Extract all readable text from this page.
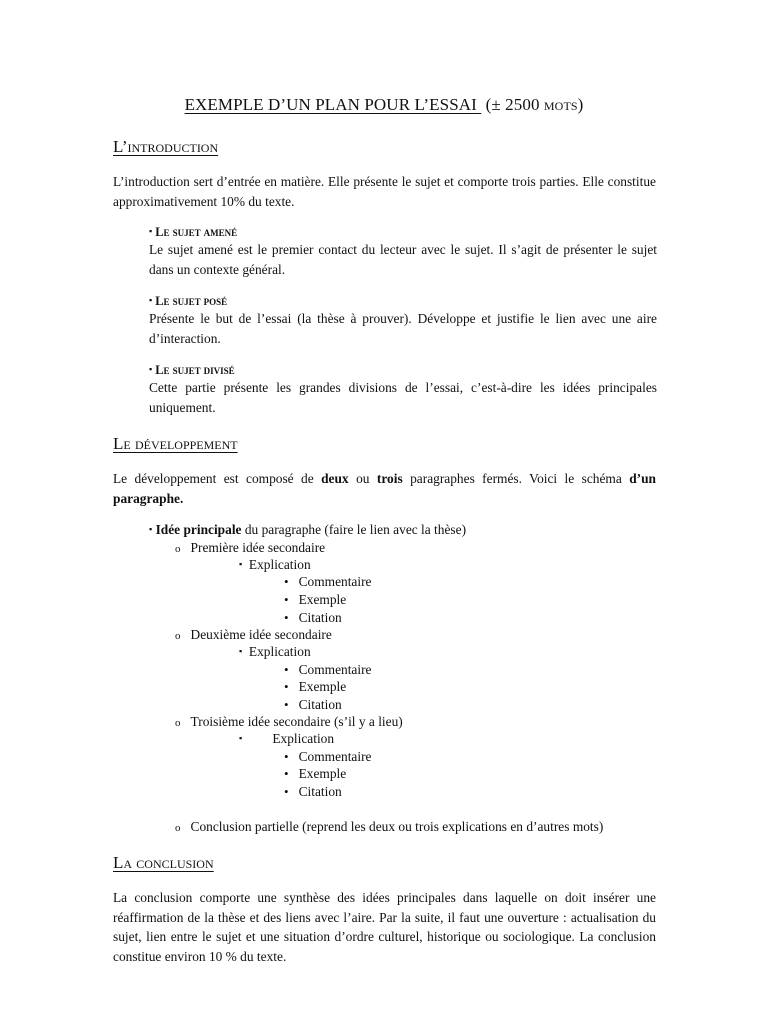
EXEMPLE D’UN PLAN POUR L’ESSAI (± 2500 mots)
L’introduction
L’introduction sert d’entrée en matière. Elle présente le sujet et comporte trois parties. Elle constitue approximativement 10% du texte.
▪ Le sujet amené
Le sujet amené est le premier contact du lecteur avec le sujet. Il s’agit de présenter le sujet dans un contexte général.
▪ Le sujet posé
Présente le but de l’essai (la thèse à prouver). Développe et justifie le lien avec une aire d’interaction.
▪ Le sujet divisé
Cette partie présente les grandes divisions de l’essai, c’est-à-dire les idées principales uniquement.
Le développement
Le développement est composé de deux ou trois paragraphes fermés. Voici le schéma d’un paragraphe.
▪ Idée principale du paragraphe (faire le lien avec la thèse)
o Première idée secondaire
▪ Explication
• Commentaire
• Exemple
• Citation
o Deuxième idée secondaire
▪ Explication
• Commentaire
• Exemple
• Citation
o Troisième idée secondaire (s’il y a lieu)
▪ Explication
• Commentaire
• Exemple
• Citation
o Conclusion partielle (reprend les deux ou trois explications en d’autres mots)
La conclusion
La conclusion comporte une synthèse des idées principales dans laquelle on doit insérer une réaffirmation de la thèse et des liens avec l’aire. Par la suite, il faut une ouverture : actualisation du sujet, lien entre le sujet et une situation d’ordre culturel, historique ou sociologique. La conclusion constitue environ 10 % du texte.
